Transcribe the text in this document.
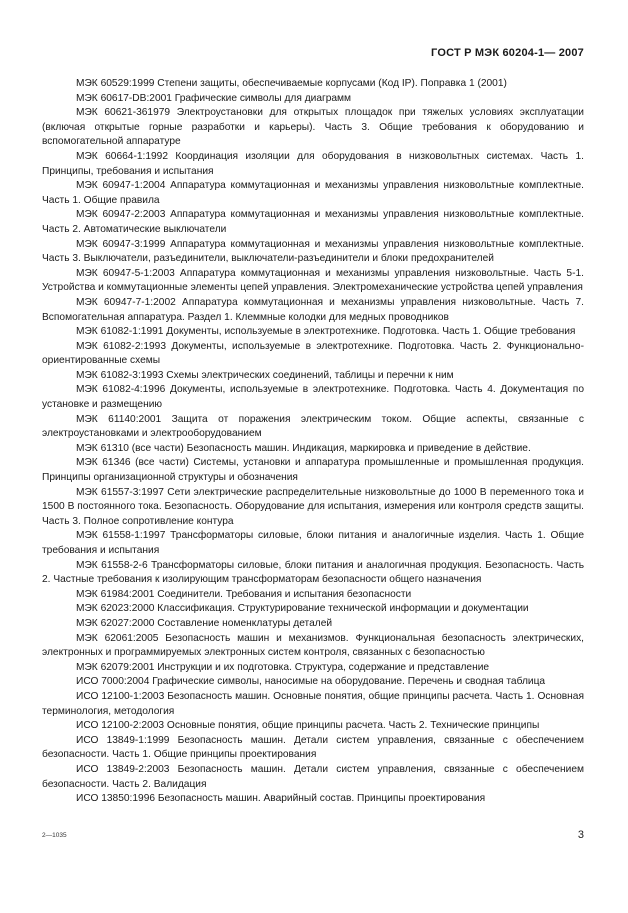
ГОСТ Р МЭК 60204-1— 2007

МЭК 60529:1999 Степени защиты, обеспечиваемые корпусами (Код IP). Поправка 1 (2001)

МЭК 60617-DB:2001 Графические символы для диаграмм

МЭК 60621-361979 Электроустановки для открытых площадок при тяжелых условиях эксплуатации (включая открытые горные разработки и карьеры). Часть 3. Общие требования к оборудованию и вспомогательной аппаратуре

МЭК 60664-1:1992 Координация изоляции для оборудования в низковольтных системах. Часть 1. Принципы, требования и испытания

МЭК 60947-1:2004 Аппаратура коммутационная и механизмы управления низковольтные комплектные. Часть 1. Общие правила

МЭК 60947-2:2003 Аппаратура коммутационная и механизмы управления низковольтные комплектные. Часть 2. Автоматические выключатели

МЭК 60947-3:1999 Аппаратура коммутационная и механизмы управления низковольтные комплектные. Часть 3. Выключатели, разъединители, выключатели-разъединители и блоки предохранителей

МЭК 60947-5-1:2003 Аппаратура коммутационная и механизмы управления низковольтные. Часть 5-1. Устройства и коммутационные элементы цепей управления. Электромеханические устройства цепей управления

МЭК 60947-7-1:2002 Аппаратура коммутационная и механизмы управления низковольтные. Часть 7. Вспомогательная аппаратура. Раздел 1. Клеммные колодки для медных проводников

МЭК 61082-1:1991 Документы, используемые в электротехнике. Подготовка. Часть 1. Общие требования

МЭК 61082-2:1993 Документы, используемые в электротехнике. Подготовка. Часть 2. Функционально-ориентированные схемы

МЭК 61082-3:1993 Схемы электрических соединений, таблицы и перечни к ним

МЭК 61082-4:1996 Документы, используемые в электротехнике. Подготовка. Часть 4. Документация по установке и размещению

МЭК 61140:2001 Защита от поражения электрическим током. Общие аспекты, связанные с электроустановками и электрооборудованием

МЭК 61310 (все части) Безопасность машин. Индикация, маркировка и приведение в действие.

МЭК 61346 (все части) Системы, установки и аппаратура промышленные и промышленная продукция. Принципы организационной структуры и обозначения

МЭК 61557-3:1997 Сети электрические распределительные низковольтные до 1000 В переменного тока и 1500 В постоянного тока. Безопасность. Оборудование для испытания, измерения или контроля средств защиты. Часть 3. Полное сопротивление контура

МЭК 61558-1:1997 Трансформаторы силовые, блоки питания и аналогичные изделия. Часть 1. Общие требования и испытания

МЭК 61558-2-6 Трансформаторы силовые, блоки питания и аналогичная продукция. Безопасность. Часть 2. Частные требования к изолирующим трансформаторам безопасности общего назначения

МЭК 61984:2001 Соединители. Требования и испытания безопасности

МЭК 62023:2000 Классификация. Структурирование технической информации и документации

МЭК 62027:2000 Составление номенклатуры деталей

МЭК 62061:2005 Безопасность машин и механизмов. Функциональная безопасность электрических, электронных и программируемых электронных систем контроля, связанных с безопасностью

МЭК 62079:2001 Инструкции и их подготовка. Структура, содержание и представление

ИСО 7000:2004 Графические символы, наносимые на оборудование. Перечень и сводная таблица

ИСО 12100-1:2003 Безопасность машин. Основные понятия, общие принципы расчета. Часть 1. Основная терминология, методология

ИСО 12100-2:2003 Основные понятия, общие принципы расчета. Часть 2. Технические принципы

ИСО 13849-1:1999 Безопасность машин. Детали систем управления, связанные с обеспечением безопасности. Часть 1. Общие принципы проектирования

ИСО 13849-2:2003 Безопасность машин. Детали систем управления, связанные с обеспечением безопасности. Часть 2. Валидация

ИСО 13850:1996 Безопасность машин. Аварийный состав. Принципы проектирования

2—1035	3
